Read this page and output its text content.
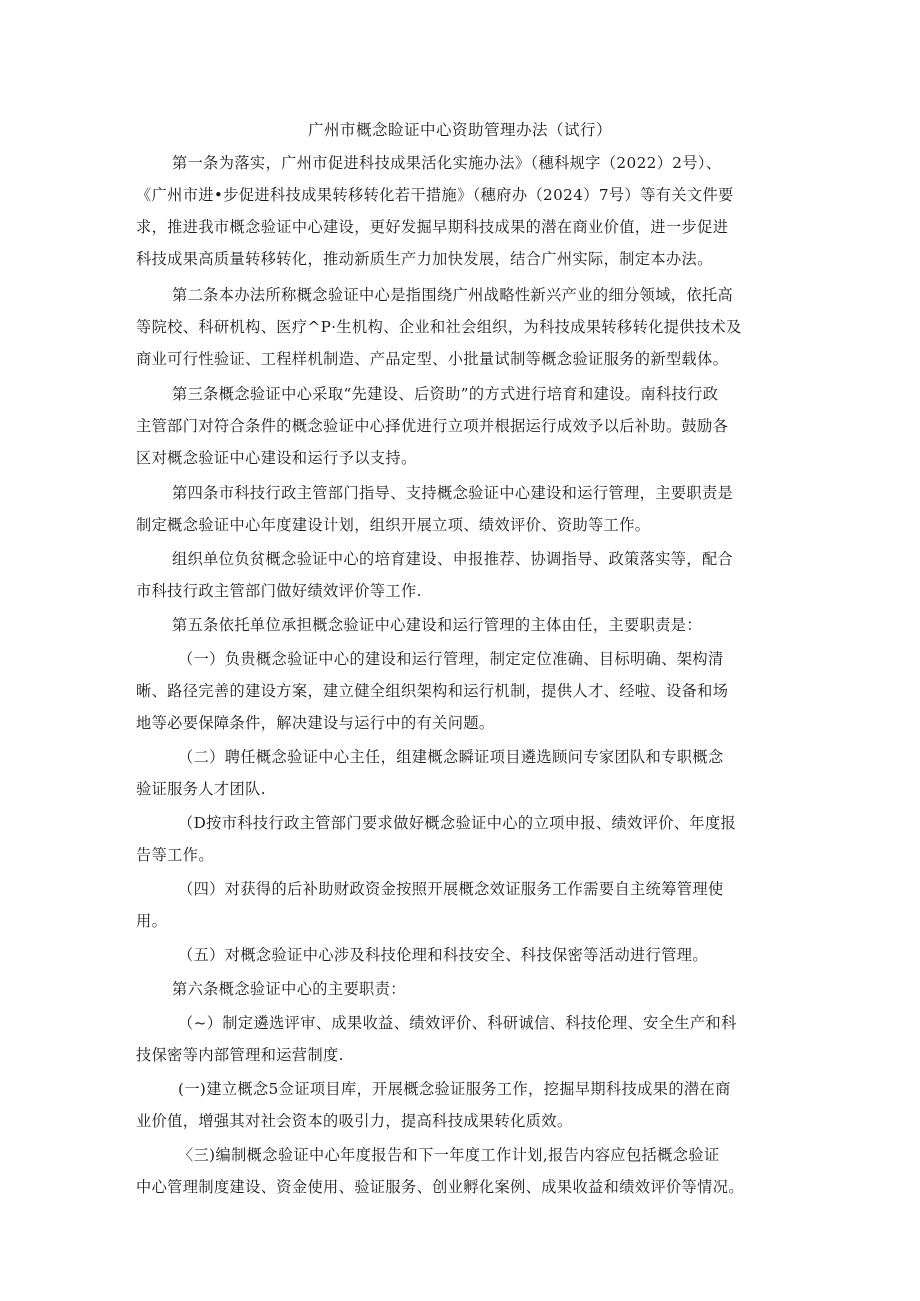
广州市概念睑证中心资助管理办法（试行）
第一条为落实，广州市促进科技成果活化实施办法》（穗科规字（2022）2号）、
《广州市进•步促进科技成果转移转化若干措施》（穗府办（2024）7号）等有关文件要
求，推进我市概念验证中心建设，更好发掘早期科技成果的潜在商业价值，进一步促进
科技成果高质量转移转化，推动新质生产力加快发展，结合广州实际，制定本办法。
第二条本办法所称概念验证中心是指围绕广州战略性新兴产业的细分领域，依托高
等院校、科研机构、医疗^P·生机构、企业和社会组织，为科技成果转移转化提供技术及
商业可行性验证、工程样机制造、产品定型、小批量试制等概念验证服务的新型载体。
第三条概念验证中心采取“先建设、后资助”的方式进行培育和建设。南科技行政
主管部门对符合条件的概念验证中心择优进行立项并根据运行成效予以后补助。鼓励各
区对概念验证中心建设和运行予以支持。
第四条市科技行政主管部门指导、支持概念验证中心建设和运行管理，主要职责是
制定概念验证中心年度建设计划，组织开展立项、绩效评价、资助等工作。
组织单位负贫概念验证中心的培育建设、申报推荐、协调指导、政策落实等，配合
市科技行政主管部门做好绩效评价等工作.
第五条依托单位承担概念验证中心建设和运行管理的主体由任，主要职责是：
（一）负贵概念验证中心的建设和运行管理，制定定位准确、目标明确、架构清
晰、路径完善的建设方案，建立健全组织架构和运行机制，提供人才、经啦、设备和场
地等必要保障条件，解决建设与运行中的有关问题。
（二）聘任概念验证中心主任，组建概念瞬证项目遴选顾问专家团队和专职概念
验证服务人才团队.
（D按市科技行政主管部门要求做好概念验证中心的立项申报、绩效评价、年度报
告等工作。
（四）对获得的后补助财政资金按照开展概念效证服务工作需要自主统筹管理使
用。
（五）对概念验证中心涉及科技伦理和科技安全、科技保密等活动进行管理。
第六条概念验证中心的主要职责：
（~）制定遴选评审、成果收益、绩效评价、科研诚信、科技伦理、安全生产和科
技保密等内部管理和运营制度.
(一)建立概念5佥证项目库，开展概念验证服务工作，挖掘早期科技成果的潜在商
业价值，增强其对社会资本的吸引力，提高科技成果转化质效。
〈三)编制概念验证中心年度报告和下一年度工作计划,报告内容应包括概念验证
中心管理制度建设、资金使用、验证服务、创业孵化案例、成果收益和绩效评价等情况。
